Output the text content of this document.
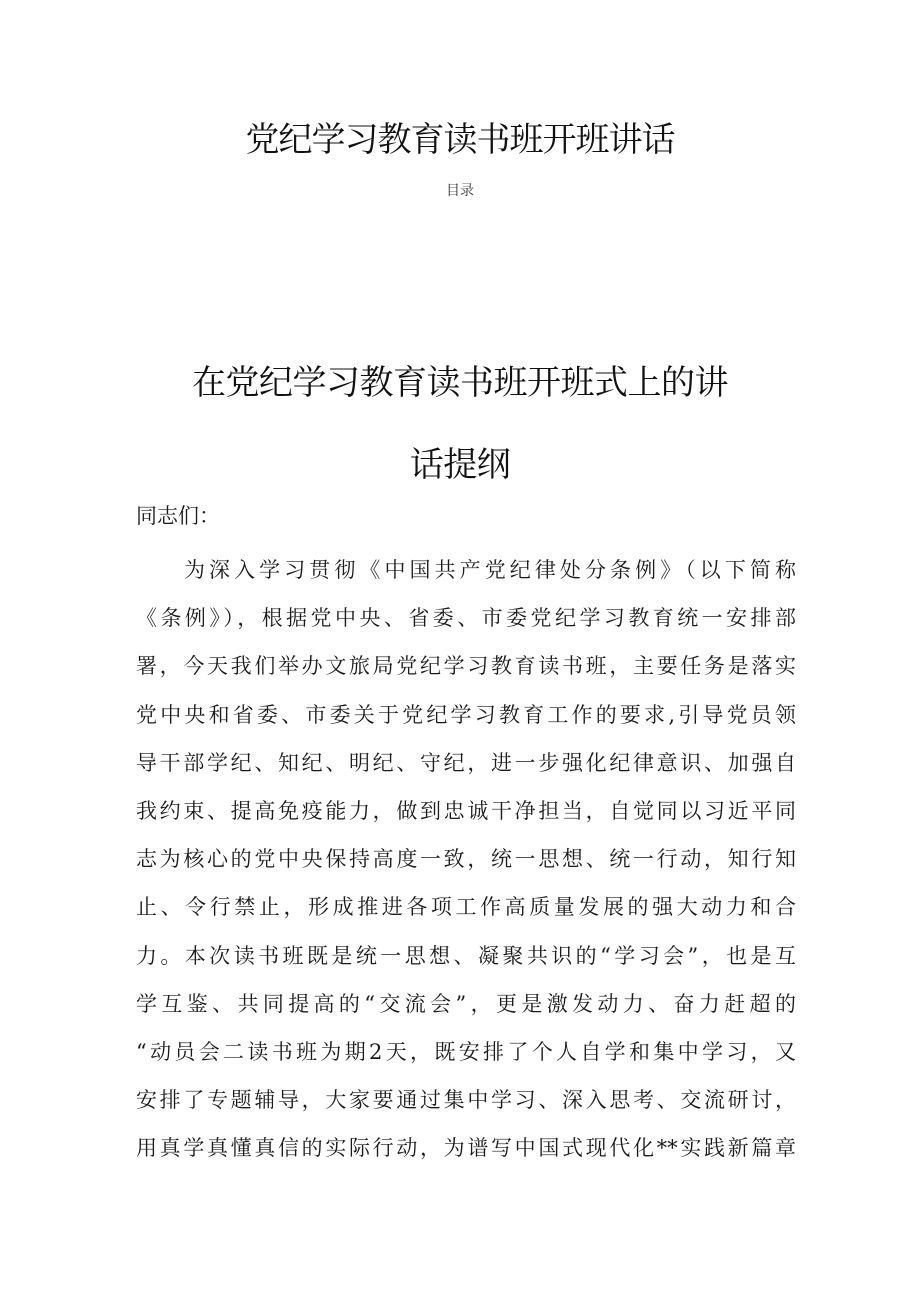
党纪学习教育读书班开班讲话
目录
在党纪学习教育读书班开班式上的讲
话提纲
同志们：
为深入学习贯彻《中国共产党纪律处分条例》（以下简称
《条例》），根据党中央、省委、市委党纪学习教育统一安排部
署，今天我们举办文旅局党纪学习教育读书班，主要任务是落实
党中央和省委、市委关于党纪学习教育工作的要求,引导党员领
导干部学纪、知纪、明纪、守纪，进一步强化纪律意识、加强自
我约束、提高免疫能力，做到忠诚干净担当，自觉同以习近平同
志为核心的党中央保持高度一致，统一思想、统一行动，知行知
止、令行禁止，形成推进各项工作高质量发展的强大动力和合
力。本次读书班既是统一思想、凝聚共识的“学习会”，也是互
学互鉴、共同提高的“交流会”，更是激发动力、奋力赶超的
“动员会二读书班为期2天，既安排了个人自学和集中学习，又
安排了专题辅导，大家要通过集中学习、深入思考、交流研讨，
用真学真懂真信的实际行动，为谱写中国式现代化**实践新篇章
